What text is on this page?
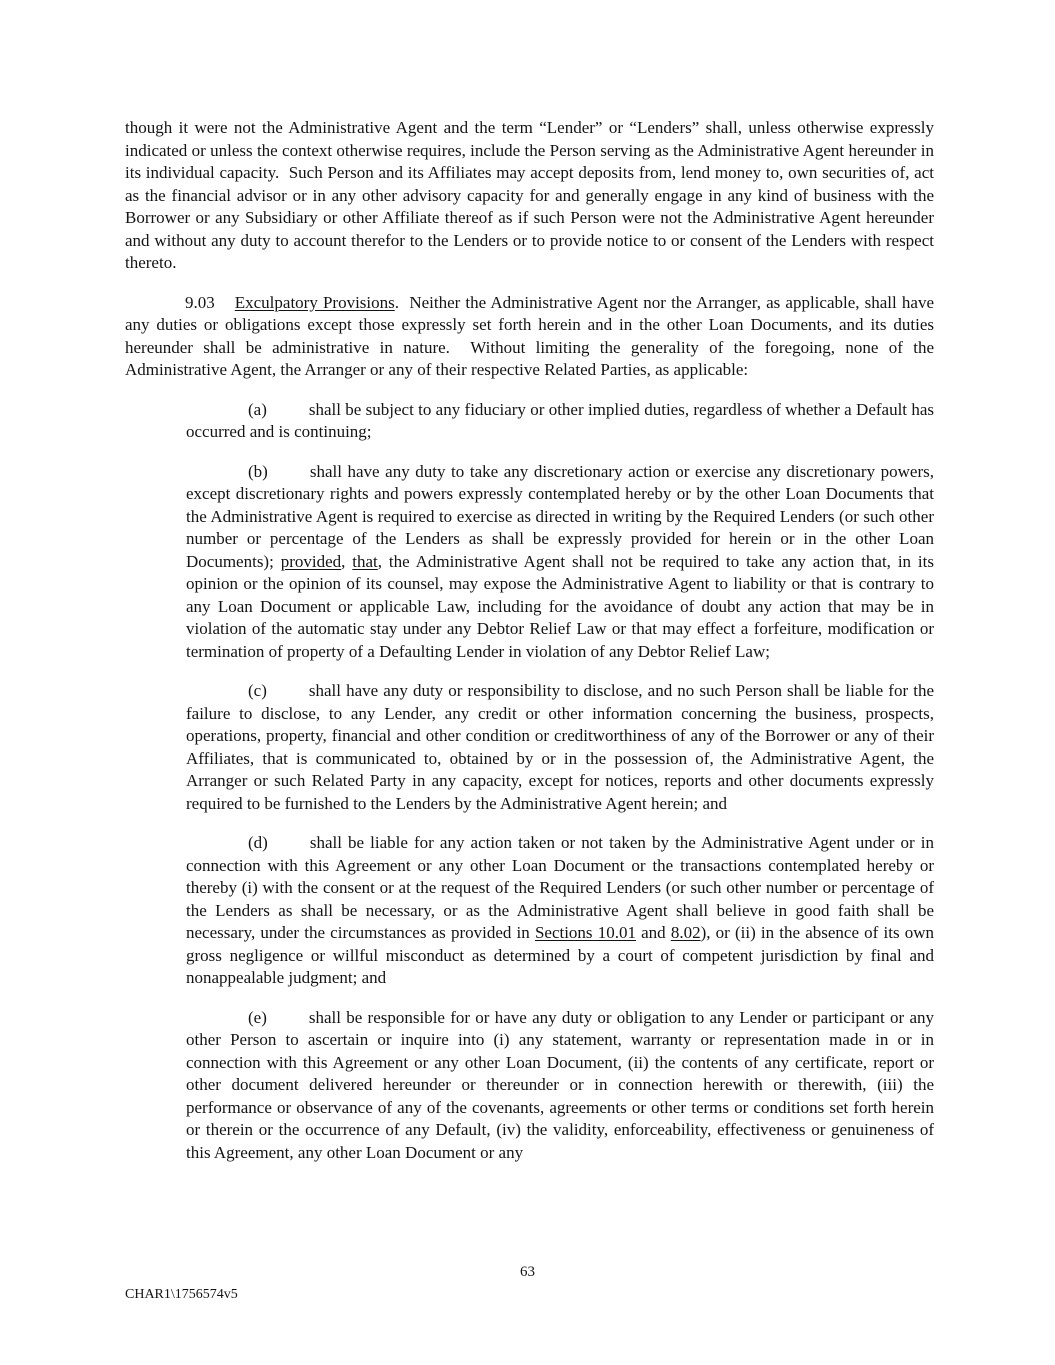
though it were not the Administrative Agent and the term “Lender” or “Lenders” shall, unless otherwise expressly indicated or unless the context otherwise requires, include the Person serving as the Administrative Agent hereunder in its individual capacity.  Such Person and its Affiliates may accept deposits from, lend money to, own securities of, act as the financial advisor or in any other advisory capacity for and generally engage in any kind of business with the Borrower or any Subsidiary or other Affiliate thereof as if such Person were not the Administrative Agent hereunder and without any duty to account therefor to the Lenders or to provide notice to or consent of the Lenders with respect thereto.
9.03 Exculpatory Provisions.  Neither the Administrative Agent nor the Arranger, as applicable, shall have any duties or obligations except those expressly set forth herein and in the other Loan Documents, and its duties hereunder shall be administrative in nature.  Without limiting the generality of the foregoing, none of the Administrative Agent, the Arranger or any of their respective Related Parties, as applicable:
(a) shall be subject to any fiduciary or other implied duties, regardless of whether a Default has occurred and is continuing;
(b) shall have any duty to take any discretionary action or exercise any discretionary powers, except discretionary rights and powers expressly contemplated hereby or by the other Loan Documents that the Administrative Agent is required to exercise as directed in writing by the Required Lenders (or such other number or percentage of the Lenders as shall be expressly provided for herein or in the other Loan Documents); provided, that, the Administrative Agent shall not be required to take any action that, in its opinion or the opinion of its counsel, may expose the Administrative Agent to liability or that is contrary to any Loan Document or applicable Law, including for the avoidance of doubt any action that may be in violation of the automatic stay under any Debtor Relief Law or that may effect a forfeiture, modification or termination of property of a Defaulting Lender in violation of any Debtor Relief Law;
(c) shall have any duty or responsibility to disclose, and no such Person shall be liable for the failure to disclose, to any Lender, any credit or other information concerning the business, prospects, operations, property, financial and other condition or creditworthiness of any of the Borrower or any of their Affiliates, that is communicated to, obtained by or in the possession of, the Administrative Agent, the Arranger or such Related Party in any capacity, except for notices, reports and other documents expressly required to be furnished to the Lenders by the Administrative Agent herein; and
(d) shall be liable for any action taken or not taken by the Administrative Agent under or in connection with this Agreement or any other Loan Document or the transactions contemplated hereby or thereby (i) with the consent or at the request of the Required Lenders (or such other number or percentage of the Lenders as shall be necessary, or as the Administrative Agent shall believe in good faith shall be necessary, under the circumstances as provided in Sections 10.01 and 8.02), or (ii) in the absence of its own gross negligence or willful misconduct as determined by a court of competent jurisdiction by final and nonappealable judgment; and
(e) shall be responsible for or have any duty or obligation to any Lender or participant or any other Person to ascertain or inquire into (i) any statement, warranty or representation made in or in connection with this Agreement or any other Loan Document, (ii) the contents of any certificate, report or other document delivered hereunder or thereunder or in connection herewith or therewith, (iii) the performance or observance of any of the covenants, agreements or other terms or conditions set forth herein or therein or the occurrence of any Default, (iv) the validity, enforceability, effectiveness or genuineness of this Agreement, any other Loan Document or any
63
CHAR1\1756574v5
